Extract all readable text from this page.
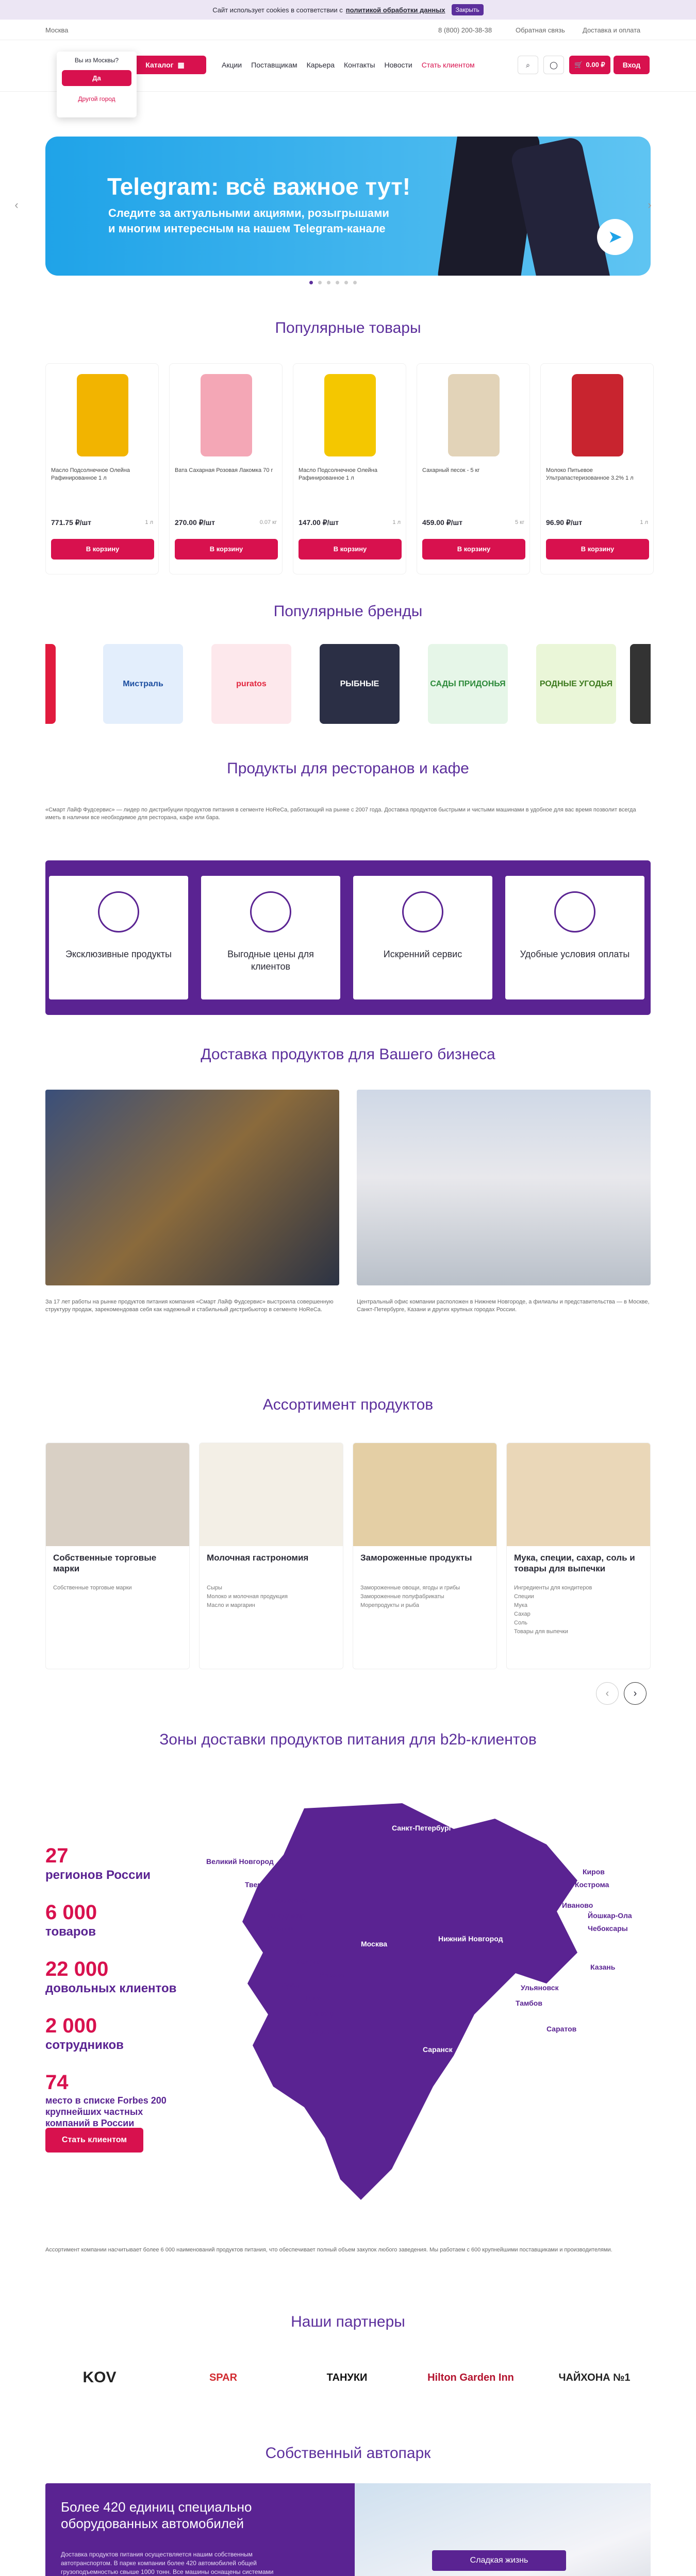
Сайт использует cookies в соответствии с политикой обработки данных	Закрыть
Москва	8 (800) 200-38-38	Обратная связь	Доставка и оплата
Каталог ▦	Акции Поставщикам Карьера Контакты Новости Стать клиентом	⌕	◯ 🛒 0.00 ₽	Вход
Вы из Москвы?
Да
Другой город
Telegram: всё важное тут!
Следите за актуальными акциями, розыгрышами
и многим интересным на нашем Telegram-канале	➤
‹	›
Популярные товары
Популярные бренды
Продукты для ресторанов и кафе
«Смарт Лайф Фудсервис» — лидер по дистрибуции продуктов питания в сегменте HoReCa, работающий на рынке с 2007 года. Доставка продуктов быстрыми и чистыми машинами в удобное для вас время позволит всегда иметь в наличии все необходимое для ресторана, кафе или бара.
Доставка продуктов для Вашего бизнеса
За 17 лет работы на рынке продуктов питания компания «Смарт Лайф Фудсервис» выстроила совершенную структуру продаж, зарекомендовав себя как надежный и стабильный дистрибьютор в сегменте HoReCa.
Центральный офис компании расположен в Нижнем Новгороде, а филиалы и представительства — в Москве, Санкт-Петербурге, Казани и других крупных городах России.
Ассортимент продуктов
‹	›
Зоны доставки продуктов питания для b2b-клиентов
Стать клиентом
Ассортимент компании насчитывает более 6 000 наименований продуктов питания, что обеспечивает полный объем закупок любого заведения. Мы работаем с 600 крупнейшими поставщиками и производителями.
Наши партнеры
Собственный автопарк
Более 420 единиц специально оборудованных автомобилей
Доставка продуктов питания осуществляется нашим собственным автотранспортом. В парке компании более 420 автомобилей общей грузоподъемностью свыше 1000 тонн. Все машины оснащены системами
Сладкая жизнь
Масло Подсолнечное Олейна Рафинированное 1 л
771.75 ₽/шт	1 л
В корзину
Вата Сахарная Розовая Лакомка 70 г
270.00 ₽/шт	0.07 кг
В корзину
Масло Подсолнечное Олейна Рафинированное 1 л
147.00 ₽/шт	1 л
В корзину
Сахарный песок - 5 кг
459.00 ₽/шт	5 кг
В корзину
Молоко Питьевое Ультрапастеризованное 3.2% 1 л
96.90 ₽/шт	1 л
В корзину
Мистраль	puratos	РЫБНЫЕ	САДЫ ПРИДОНЬЯ	РОДНЫЕ УГОДЬЯ
Эксклюзивные продукты	Выгодные цены для клиентов
Искренний сервис	Удобные условия оплаты
Собственные торговые марки
Собственные торговые марки
Молочная гастрономия
Сыры
Молоко и молочная продукция
Масло и маргарин
Замороженные продукты
Замороженные овощи, ягоды и грибы
Замороженные полуфабрикаты
Морепродукты и рыба
Мука, специи, сахар, соль и товары для выпечки
Ингредиенты для кондитеров
Специи
Мука
Сахар
Соль
Товары для выпечки
27
регионов России
6 000
товаров
22 000
довольных клиентов
2 000
сотрудников
74
место в списке Forbes 200 крупнейших частных компаний в России
Санкт-Петербург
Великий Новгород
Тверь
Ярославль
Владимир
Ростов
Киров
Кострома
Иваново
Йошкар-Ола
Чебоксары
Нижний Новгород
Москва
Калуга
Рязань
Казань
Орёл
Тула
Ульяновск
Липецк
Тамбов
Воронеж	Саратов
Пенза
Саранск
Ростов-на-Дону
Краснодар
Майкоп
Сочи
KOV	SPAR	ТАНУКИ	Hilton Garden Inn	ЧАЙХОНА №1
